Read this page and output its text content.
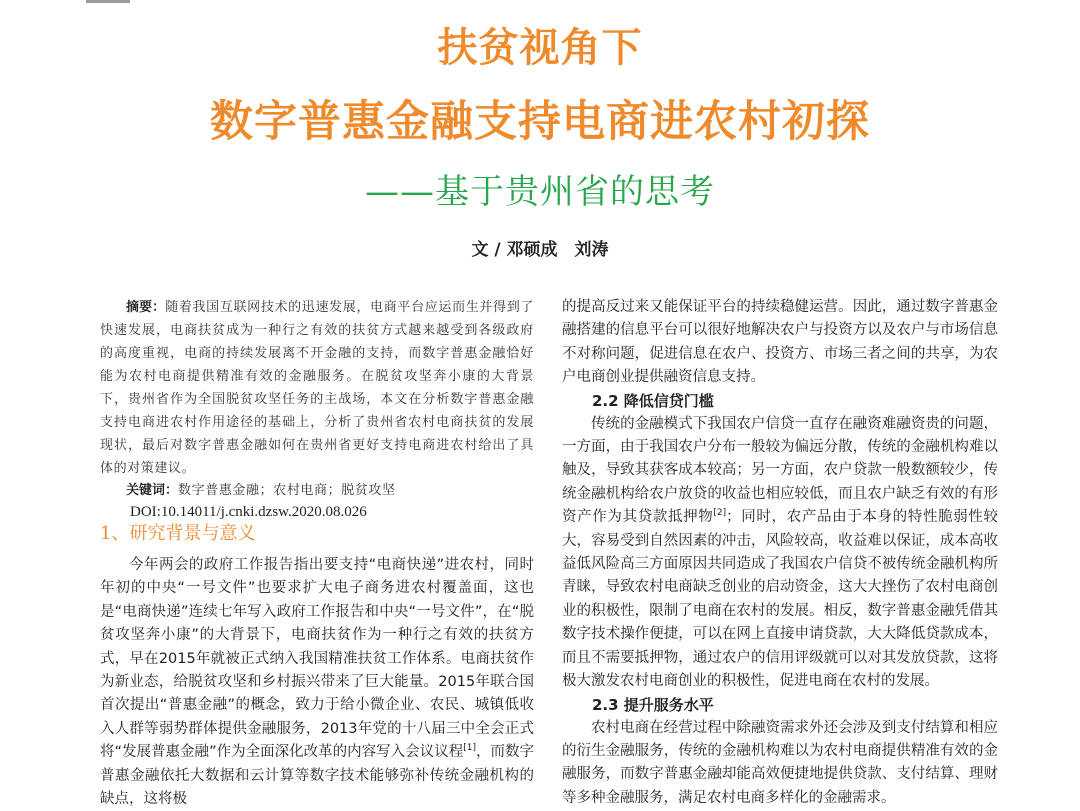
扶贫视角下
数字普惠金融支持电商进农村初探
——基于贵州省的思考
文 / 邓硕成　刘涛

摘要：随着我国互联网技术的迅速发展，电商平台应运而生并得到了快速发展，电商扶贫成为一种行之有效的扶贫方式越来越受到各级政府的高度重视，电商的持续发展离不开金融的支持，而数字普惠金融恰好能为农村电商提供精准有效的金融服务。在脱贫攻坚奔小康的大背景下，贵州省作为全国脱贫攻坚任务的主战场，本文在分析数字普惠金融支持电商进农村作用途径的基础上，分析了贵州省农村电商扶贫的发展现状，最后对数字普惠金融如何在贵州省更好支持电商进农村给出了具体的对策建议。

关键词：数字普惠金融；农村电商；脱贫攻坚

DOI:10.14011/j.cnki.dzsw.2020.08.026

1、研究背景与意义

今年两会的政府工作报告指出要支持“电商快递”进农村，同时年初的中央“一号文件”也要求扩大电子商务进农村覆盖面，这也是“电商快递”连续七年写入政府工作报告和中央“一号文件”，在“脱贫攻坚奔小康”的大背景下，电商扶贫作为一种行之有效的扶贫方式，早在2015年就被正式纳入我国精准扶贫工作体系。电商扶贫作为新业态，给脱贫攻坚和乡村振兴带来了巨大能量。2015年联合国首次提出“普惠金融”的概念，致力于给小微企业、农民、城镇低收入人群等弱势群体提供金融服务，2013年党的十八届三中全会正式将“发展普惠金融”作为全面深化改革的内容写入会议议程[1]，而数字普惠金融依托大数据和云计算等数字技术能够弥补传统金融机构的缺点，这将极

的提高反过来又能保证平台的持续稳健运营。因此，通过数字普惠金融搭建的信息平台可以很好地解决农户与投资方以及农户与市场信息不对称问题，促进信息在农户、投资方、市场三者之间的共享，为农户电商创业提供融资信息支持。

2.2 降低信贷门槛

传统的金融模式下我国农户信贷一直存在融资难融资贵的问题，一方面，由于我国农户分布一般较为偏远分散，传统的金融机构难以触及，导致其获客成本较高；另一方面，农户贷款一般数额较少，传统金融机构给农户放贷的收益也相应较低，而且农户缺乏有效的有形资产作为其贷款抵押物[2]；同时，农产品由于本身的特性脆弱性较大，容易受到自然因素的冲击，风险较高，收益难以保证，成本高收益低风险高三方面原因共同造成了我国农户信贷不被传统金融机构所青睐，导致农村电商缺乏创业的启动资金，这大大挫伤了农村电商创业的积极性，限制了电商在农村的发展。相反，数字普惠金融凭借其数字技术操作便捷，可以在网上直接申请贷款，大大降低贷款成本，而且不需要抵押物，通过农户的信用评级就可以对其发放贷款，这将极大激发农村电商创业的积极性，促进电商在农村的发展。

2.3 提升服务水平

农村电商在经营过程中除融资需求外还会涉及到支付结算和相应的衍生金融服务，传统的金融机构难以为农村电商提供精准有效的金融服务，而数字普惠金融却能高效便捷地提供贷款、支付结算、理财等多种金融服务，满足农村电商多样化的金融需求。
